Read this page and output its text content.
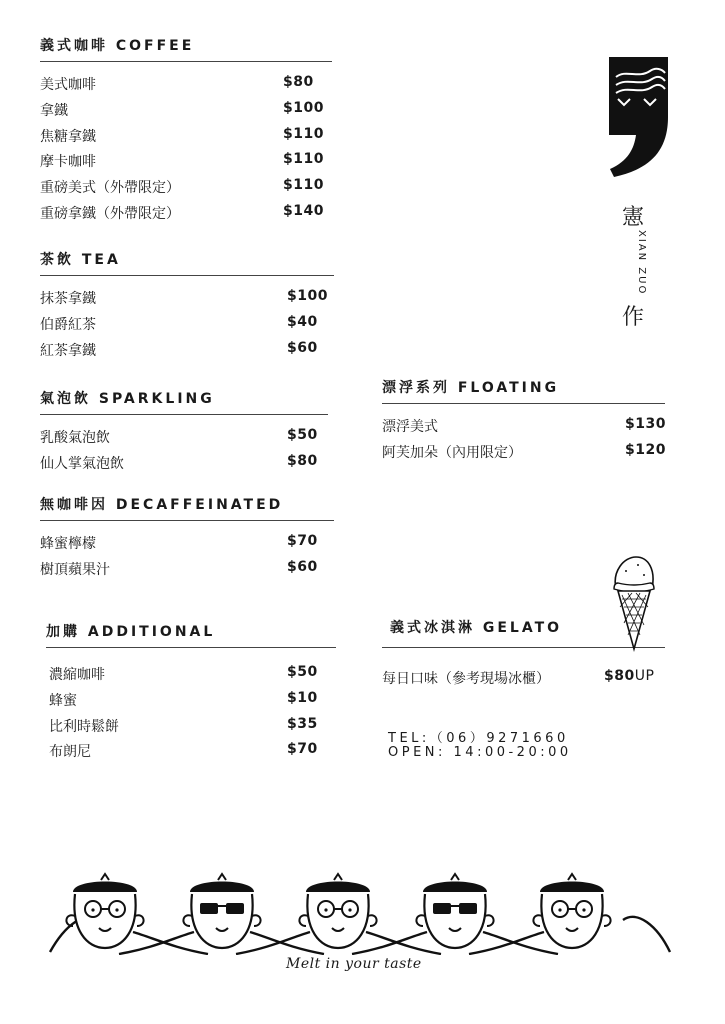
義式咖啡 COFFEE
美式咖啡	$80
拿鐵	$100
焦糖拿鐵	$110
摩卡咖啡	$110
重磅美式（外帶限定）	$110
重磅拿鐵（外帶限定）	$140
茶飲 TEA
抹茶拿鐵	$100
伯爵紅茶	$40
紅茶拿鐵	$60
氣泡飲 SPARKLING
乳酸氣泡飲	$50
仙人掌氣泡飲	$80
無咖啡因 DECAFFEINATED
蜂蜜檸檬	$70
樹頂蘋果汁	$60
加購 ADDITIONAL
濃縮咖啡	$50
蜂蜜	$10
比利時鬆餅	$35
布朗尼	$70
漂浮系列 FLOATING
漂浮美式	$130
阿芙加朵（內用限定）	$120
義式冰淇淋 GELATO
每日口味（參考現場冰櫃）	$80UP
TEL:（06）9271660
OPEN: 14:00-20:00
憲
XIAN ZUO
作
Melt in your taste
